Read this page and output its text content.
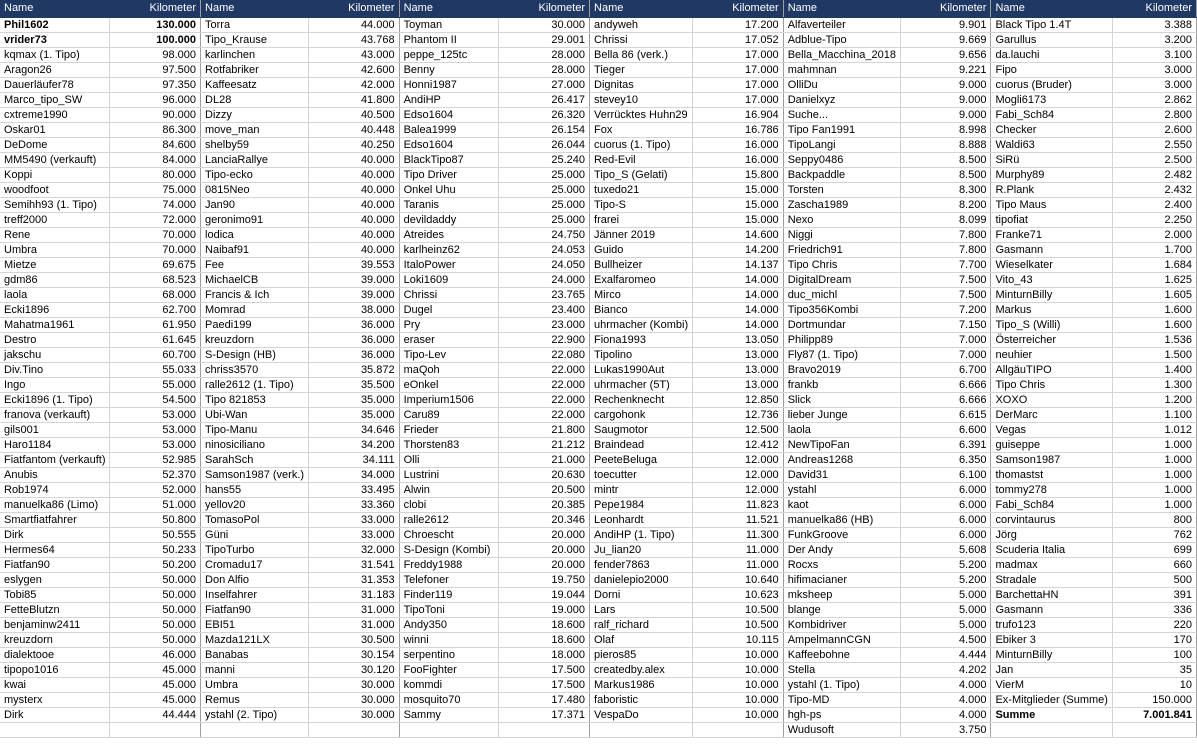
Name	Kilometer	Name	Kilometer	Name	Kilometer	Name	Kilometer	Name	Kilometer	Name	Kilometer
Phil1602	130.000	Torra	44.000	Toyman	30.000	andyweh	17.200	Alfaverteiler	9.901	Black Tipo 1.4T	3.388
vrider73	100.000	Tipo_Krause	43.768	Phantom II	29.001	Chrissi	17.052	Adblue-Tipo	9.669	Garullus	3.200
kqmax (1. Tipo)	98.000	karlinchen	43.000	peppe_125tc	28.000	Bella 86 (verk.)	17.000	Bella_Macchina_2018	9.656	da.lauchi	3.100
Aragon26	97.500	Rotfabriker	42.600	Benny	28.000	Tieger	17.000	mahmnan	9.221	Fipo	3.000
Dauerläufer78	97.350	Kaffeesatz	42.000	Honni1987	27.000	Dignitas	17.000	OlliDu	9.000	cuorus (Bruder)	3.000
Marco_tipo_SW	96.000	DL28	41.800	AndiHP	26.417	stevey10	17.000	Danielxyz	9.000	Mogli6173	2.862
cxtreme1990	90.000	Dizzy	40.500	Edso1604	26.320	Verrücktes Huhn29	16.904	Suche...	9.000	Fabi_Sch84	2.800
Oskar01	86.300	move_man	40.448	Balea1999	26.154	Fox	16.786	Tipo Fan1991	8.998	Checker	2.600
DeDome	84.600	shelby59	40.250	Edso1604	26.044	cuorus (1. Tipo)	16.000	TipoLangi	8.888	Waldi63	2.550
MM5490 (verkauft)	84.000	LanciaRallye	40.000	BlackTipo87	25.240	Red-Evil	16.000	Seppy0486	8.500	SiRü	2.500
Koppi	80.000	Tipo-ecko	40.000	Tipo Driver	25.000	Tipo_S (Gelati)	15.800	Backpaddle	8.500	Murphy89	2.482
woodfoot	75.000	0815Neo	40.000	Onkel Uhu	25.000	tuxedo21	15.000	Torsten	8.300	R.Plank	2.432
Semihh93 (1. Tipo)	74.000	Jan90	40.000	Taranis	25.000	Tipo-S	15.000	Zascha1989	8.200	Tipo Maus	2.400
treff2000	72.000	geronimo91	40.000	devildaddy	25.000	frarei	15.000	Nexo	8.099	tipofiat	2.250
Rene	70.000	lodica	40.000	Atreides	24.750	Jänner 2019	14.600	Niggi	7.800	Franke71	2.000
Umbra	70.000	Naibaf91	40.000	karlheinz62	24.053	Guido	14.200	Friedrich91	7.800	Gasmann	1.700
Mietze	69.675	Fee	39.553	ItaloPower	24.050	Bullheizer	14.137	Tipo Chris	7.700	Wieselkater	1.684
gdm86	68.523	MichaelCB	39.000	Loki1609	24.000	Exalfaromeo	14.000	DigitalDream	7.500	Vito_43	1.625
laola	68.000	Francis & Ich	39.000	Chrissi	23.765	Mirco	14.000	duc_michl	7.500	MinturnBilly	1.605
Ecki1896	62.700	Momrad	38.000	Dugel	23.400	Bianco	14.000	Tipo356Kombi	7.200	Markus	1.600
Mahatma1961	61.950	Paedi199	36.000	Pry	23.000	uhrmacher (Kombi)	14.000	Dortmundar	7.150	Tipo_S (Willi)	1.600
Destro	61.645	kreuzdorn	36.000	eraser	22.900	Fiona1993	13.050	Philipp89	7.000	Österreicher	1.536
jakschu	60.700	S-Design (HB)	36.000	Tipo-Lev	22.080	Tipolino	13.000	Fly87 (1. Tipo)	7.000	neuhier	1.500
Div.Tino	55.033	chriss3570	35.872	maQoh	22.000	Lukas1990Aut	13.000	Bravo2019	6.700	AllgäuTIPO	1.400
Ingo	55.000	ralle2612 (1. Tipo)	35.500	eOnkel	22.000	uhrmacher (5T)	13.000	frankb	6.666	Tipo Chris	1.300
Ecki1896 (1. Tipo)	54.500	Tipo 821853	35.000	Imperium1506	22.000	Rechenknecht	12.850	Slick	6.666	XOXO	1.200
franova (verkauft)	53.000	Ubi-Wan	35.000	Caru89	22.000	cargohonk	12.736	lieber Junge	6.615	DerMarc	1.100
gils001	53.000	Tipo-Manu	34.646	Frieder	21.800	Saugmotor	12.500	laola	6.600	Vegas	1.012
Haro1184	53.000	ninosiciliano	34.200	Thorsten83	21.212	Braindead	12.412	NewTipoFan	6.391	guiseppe	1.000
Fiatfantom (verkauft)	52.985	SarahSch	34.111	Olli	21.000	PeeteBeluga	12.000	Andreas1268	6.350	Samson1987	1.000
Anubis	52.370	Samson1987 (verk.)	34.000	Lustrini	20.630	toecutter	12.000	David31	6.100	thomastst	1.000
Rob1974	52.000	hans55	33.495	Alwin	20.500	mintr	12.000	ystahl	6.000	tommy278	1.000
manuelka86 (Limo)	51.000	yellov20	33.360	clobi	20.385	Pepe1984	11.823	kaot	6.000	Fabi_Sch84	1.000
Smartfiatfahrer	50.800	TomasoPol	33.000	ralle2612	20.346	Leonhardt	11.521	manuelka86 (HB)	6.000	corvintaurus	800
Dirk	50.555	Güni	33.000	Chroescht	20.000	AndiHP (1. Tipo)	11.300	FunkGroove	6.000	Jörg	762
Hermes64	50.233	TipoTurbo	32.000	S-Design (Kombi)	20.000	Ju_lian20	11.000	Der Andy	5.608	Scuderia Italia	699
Fiatfan90	50.200	Cromadu17	31.541	Freddy1988	20.000	fender7863	11.000	Rocxs	5.200	madmax	660
eslygen	50.000	Don Alfio	31.353	Telefoner	19.750	danielepio2000	10.640	hifimacianer	5.200	Stradale	500
Tobi85	50.000	Inselfahrer	31.183	Finder119	19.044	Dorni	10.623	mksheep	5.000	BarchettaHN	391
FetteBlutzn	50.000	Fiatfan90	31.000	TipoToni	19.000	Lars	10.500	blange	5.000	Gasmann	336
benjaminw2411	50.000	EBI51	31.000	Andy350	18.600	ralf_richard	10.500	Kombidriver	5.000	trufo123	220
kreuzdorn	50.000	Mazda121LX	30.500	winni	18.600	Olaf	10.115	AmpelmannCGN	4.500	Ebiker 3	170
dialektooe	46.000	Banabas	30.154	serpentino	18.000	pieros85	10.000	Kaffeebohne	4.444	MinturnBilly	100
tipopo1016	45.000	manni	30.120	FooFighter	17.500	createdby.alex	10.000	Stella	4.202	Jan	35
kwai	45.000	Umbra	30.000	kommdi	17.500	Markus1986	10.000	ystahl (1. Tipo)	4.000	VierM	10
mysterx	45.000	Remus	30.000	mosquito70	17.480	faboristic	10.000	Tipo-MD	4.000	Ex-Mitglieder (Summe)	150.000
Dirk	44.444	ystahl (2. Tipo)	30.000	Sammy	17.371	VespaDo	10.000	hgh-ps	4.000	Summe	7.001.841
								Wudusoft	3.750		
